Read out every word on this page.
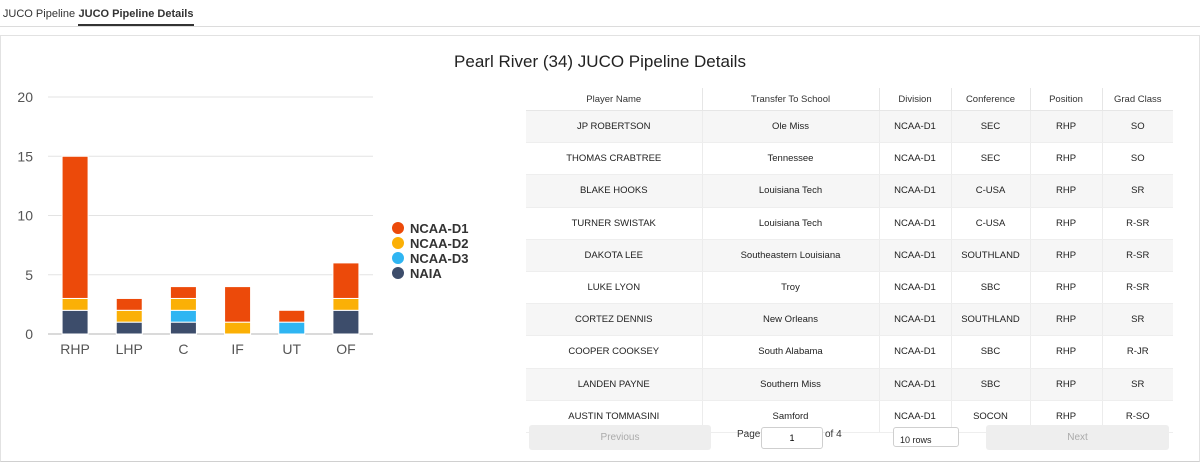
JUCO Pipeline JUCO Pipeline Details
Pearl River (34) JUCO Pipeline Details
0
5
10
15
20
RHP LHP	C	IF	UT	OF
NCAA-D1
NCAA-D2
NCAA-D3
NAIA
Player Name	Transfer To School	Division	Conference	Position	Grad Class
JP ROBERTSON	Ole Miss	NCAA-D1	SEC	RHP	SO
THOMAS CRABTREE	Tennessee	NCAA-D1	SEC	RHP	SO
BLAKE HOOKS	Louisiana Tech	NCAA-D1	C-USA	RHP	SR
TURNER SWISTAK	Louisiana Tech	NCAA-D1	C-USA	RHP	R-SR
DAKOTA LEE	Southeastern Louisiana	NCAA-D1	SOUTHLAND	RHP	R-SR
LUKE LYON	Troy	NCAA-D1	SBC	RHP	R-SR
CORTEZ DENNIS	New Orleans	NCAA-D1	SOUTHLAND	RHP	SR
COOPER COOKSEY	South Alabama	NCAA-D1	SBC	RHP	R-JR
LANDEN PAYNE	Southern Miss	NCAA-D1	SBC	RHP	SR
AUSTIN TOMMASINI	Samford	NCAA-D1	SOCON	RHP	R-SO
Previous	Page
1	of 4	10 rows	Next
